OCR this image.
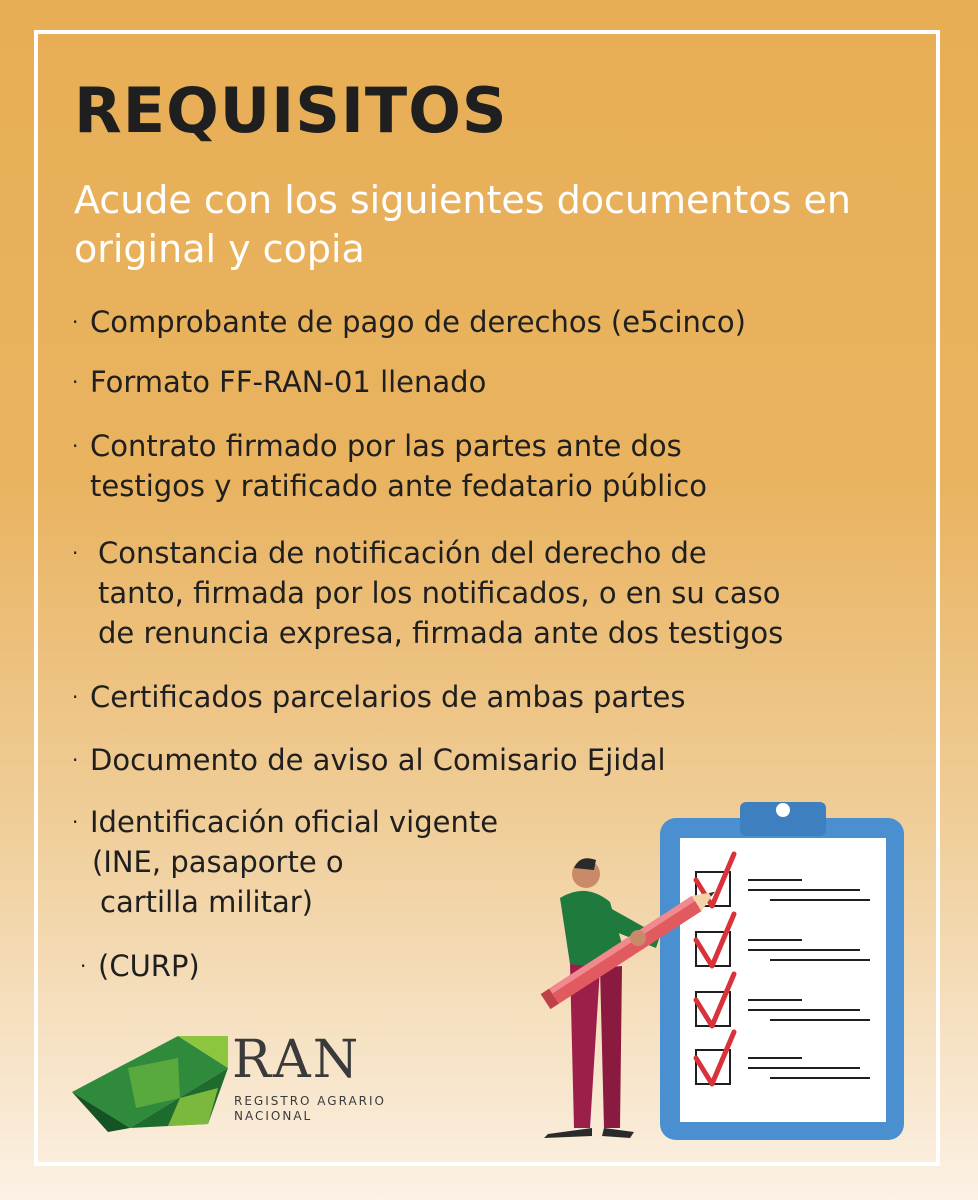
REQUISITOS

Acude con los siguientes documentos en original y copia

· Comprobante de pago de derechos (e5cinco)

· Formato FF-RAN-01 llenado

· Contrato firmado por las partes ante dos
testigos y ratificado ante fedatario público

· Constancia de notificación del derecho de
tanto, firmada por los notificados, o en su caso
de renuncia expresa, firmada ante dos testigos

· Certificados parcelarios de ambas partes

· Documento de aviso al Comisario Ejidal

· Identificación oficial vigente

(INE, pasaporte o

cartilla militar)

· (CURP)

RAN
REGISTRO AGRARIO
NACIONAL
